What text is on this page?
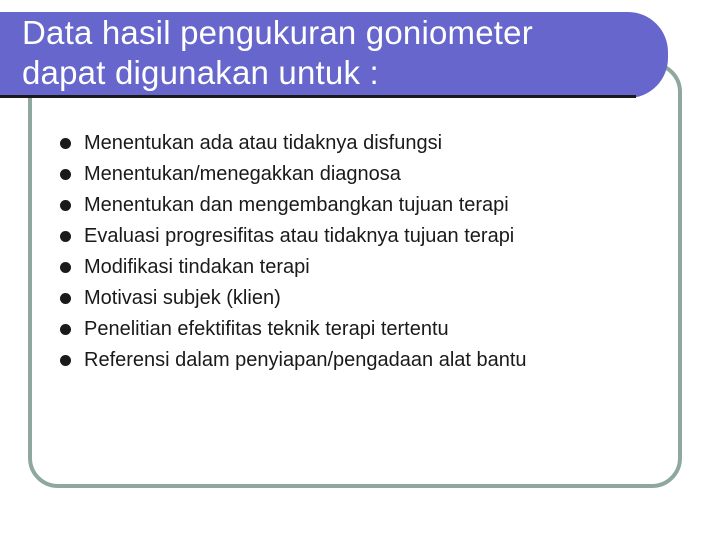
Data hasil pengukuran goniometer
dapat digunakan untuk :
Menentukan ada atau tidaknya disfungsi
Menentukan/menegakkan diagnosa
Menentukan dan mengembangkan tujuan terapi
Evaluasi progresifitas atau tidaknya tujuan terapi
Modifikasi tindakan terapi
Motivasi subjek (klien)
Penelitian efektifitas teknik terapi tertentu
Referensi dalam penyiapan/pengadaan alat bantu
